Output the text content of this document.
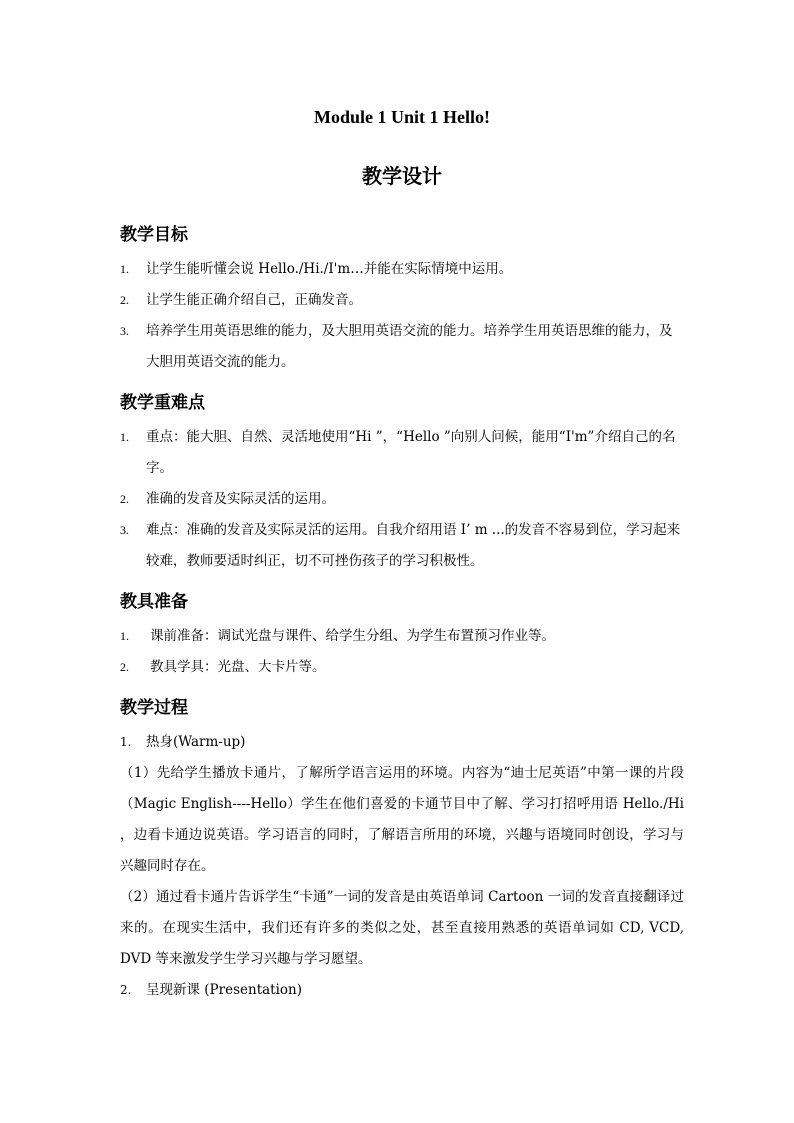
Module 1 Unit 1 Hello!
教学设计
教学目标
1. 让学生能听懂会说 Hello./Hi./I'm…并能在实际情境中运用。
2. 让学生能正确介绍自己，正确发音。
3. 培养学生用英语思维的能力，及大胆用英语交流的能力。培养学生用英语思维的能力，及大胆用英语交流的能力。
教学重难点
1. 重点：能大胆、自然、灵活地使用“Hi ”，“Hello ”向别人问候，能用“I'm”介绍自己的名字。
2. 准确的发音及实际灵活的运用。
3. 难点：准确的发音及实际灵活的运用。自我介绍用语 I’ m ...的发音不容易到位，学习起来较难，教师要适时纠正，切不可挫伤孩子的学习积极性。
教具准备
1. 课前准备：调试光盘与课件、给学生分组、为学生布置预习作业等。
2. 教具学具：光盘、大卡片等。
教学过程
1. 热身(Warm-up)

（1）先给学生播放卡通片，了解所学语言运用的环境。内容为“迪士尼英语”中第一课的片段（Magic English----Hello）学生在他们喜爱的卡通节目中了解、学习打招呼用语 Hello./Hi ，边看卡通边说英语。学习语言的同时，了解语言所用的环境，兴趣与语境同时创设，学习与兴趣同时存在。

（2）通过看卡通片告诉学生“卡通”一词的发音是由英语单词 Cartoon 一词的发音直接翻译过来的。在现实生活中，我们还有许多的类似之处，甚至直接用熟悉的英语单词如 CD, VCD, DVD 等来激发学生学习兴趣与学习愿望。

2. 呈现新课 (Presentation)
